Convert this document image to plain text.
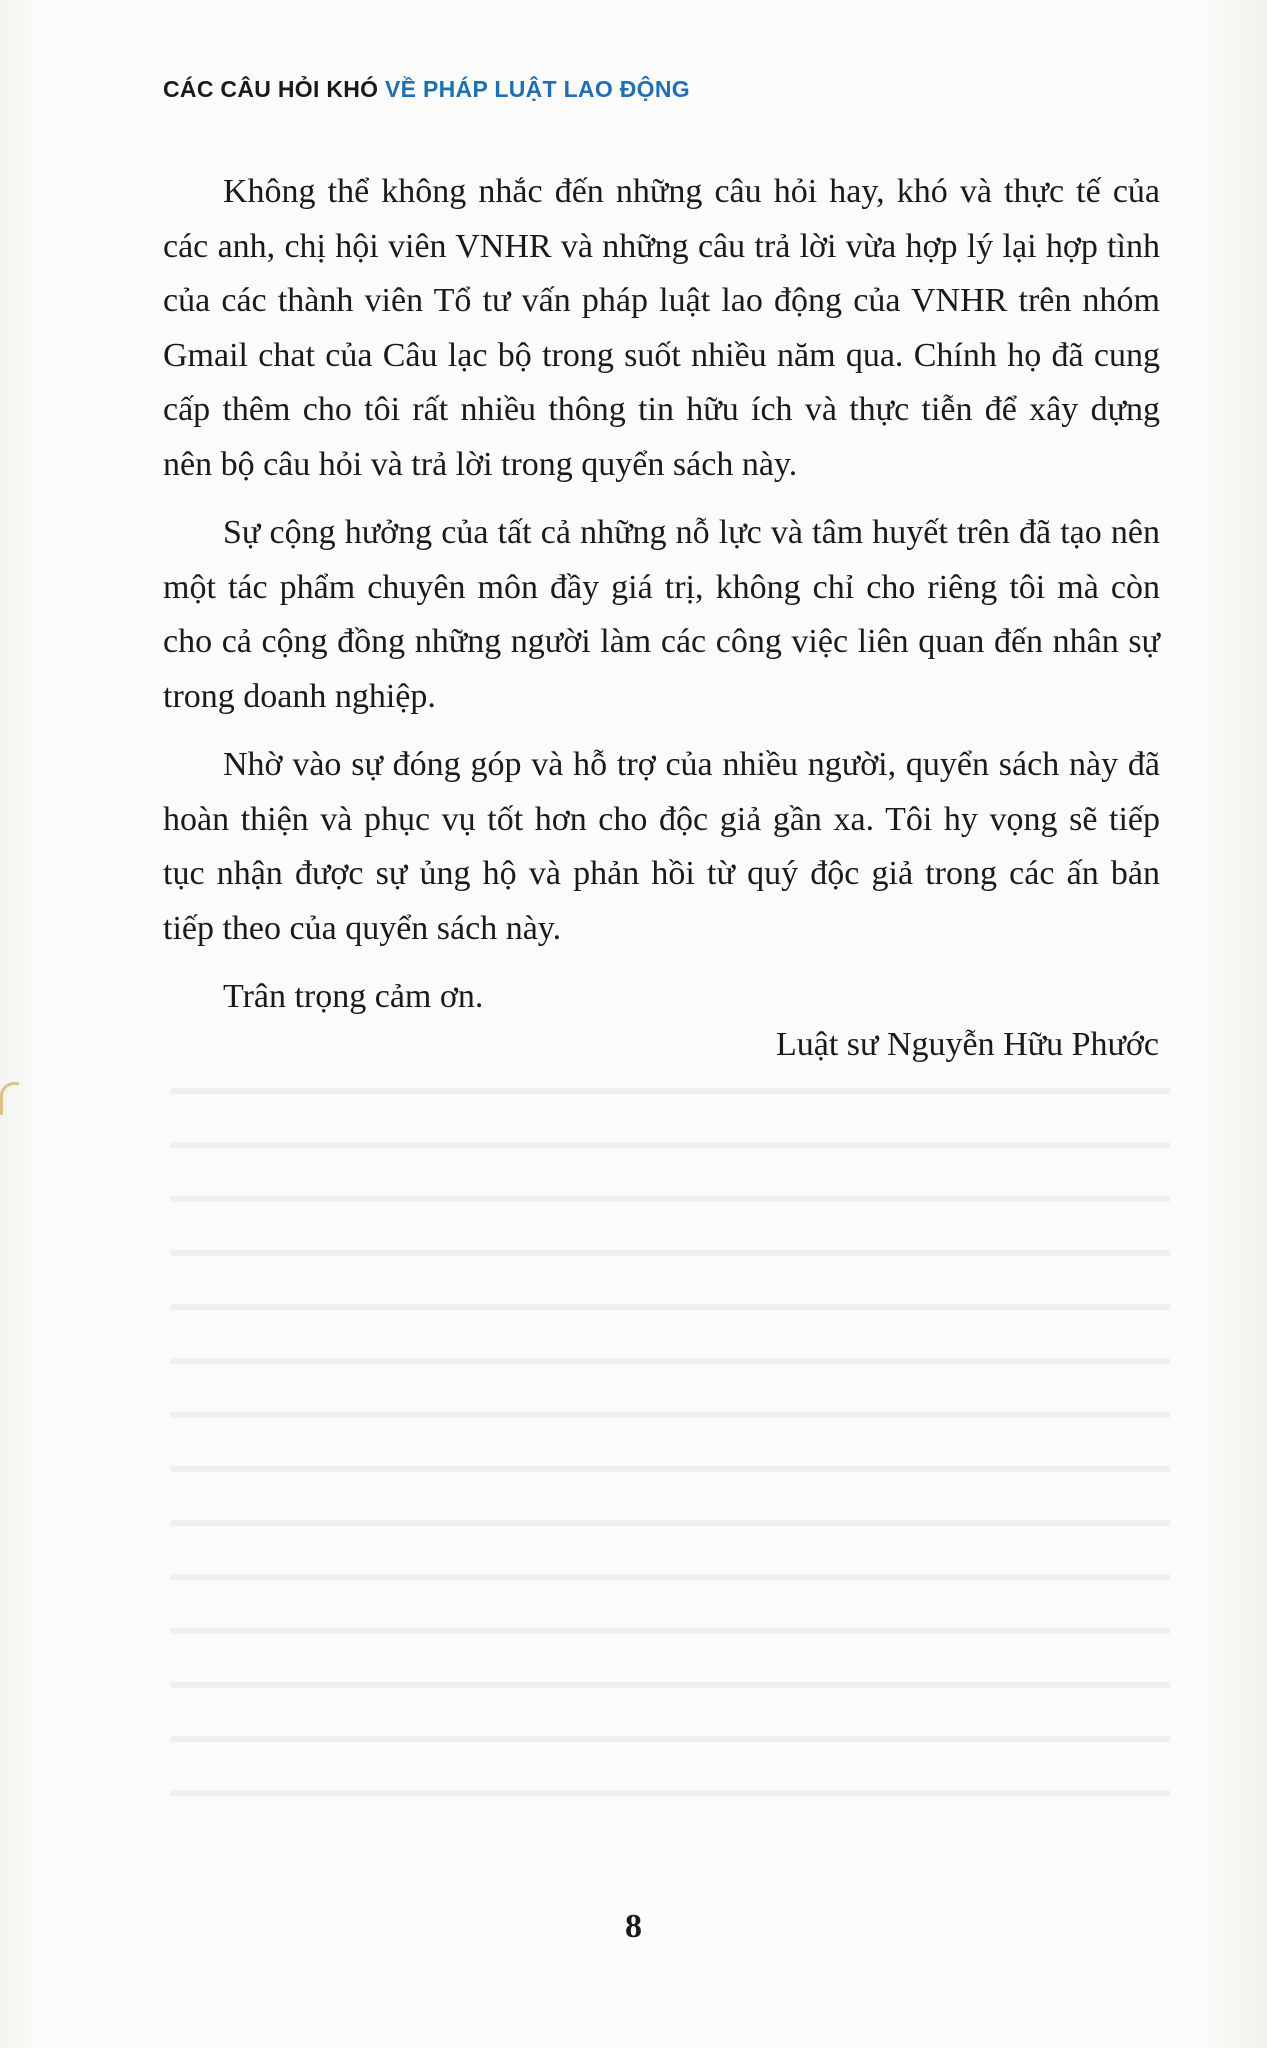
CÁC CÂU HỎI KHÓ VỀ PHÁP LUẬT LAO ĐỘNG

Không thể không nhắc đến những câu hỏi hay, khó và thực tế của các anh, chị hội viên VNHR và những câu trả lời vừa hợp lý lại hợp tình của các thành viên Tổ tư vấn pháp luật lao động của VNHR trên nhóm Gmail chat của Câu lạc bộ trong suốt nhiều năm qua. Chính họ đã cung cấp thêm cho tôi rất nhiều thông tin hữu ích và thực tiễn để xây dựng nên bộ câu hỏi và trả lời trong quyển sách này.

Sự cộng hưởng của tất cả những nỗ lực và tâm huyết trên đã tạo nên một tác phẩm chuyên môn đầy giá trị, không chỉ cho riêng tôi mà còn cho cả cộng đồng những người làm các công việc liên quan đến nhân sự trong doanh nghiệp.

Nhờ vào sự đóng góp và hỗ trợ của nhiều người, quyển sách này đã hoàn thiện và phục vụ tốt hơn cho độc giả gần xa. Tôi hy vọng sẽ tiếp tục nhận được sự ủng hộ và phản hồi từ quý độc giả trong các ấn bản tiếp theo của quyển sách này.

Trân trọng cảm ơn.

Luật sư Nguyễn Hữu Phước
8
